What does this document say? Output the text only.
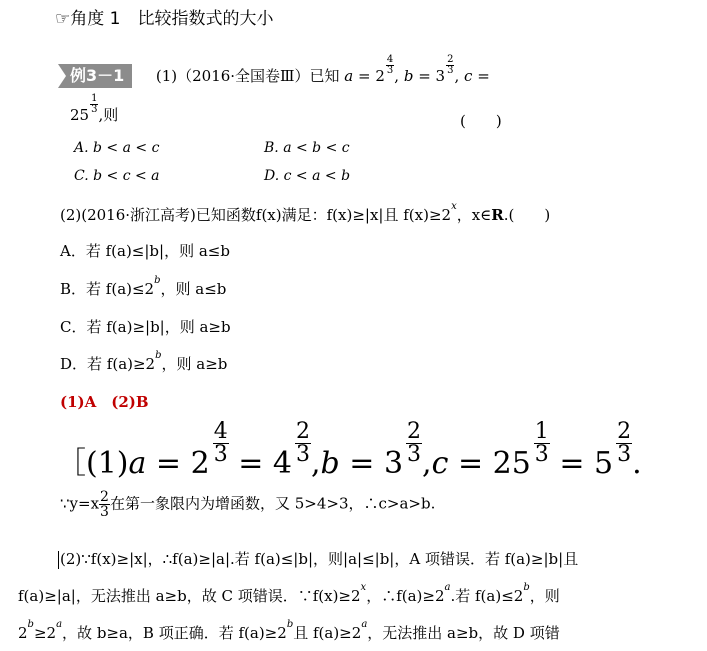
☞角度 1　比较指数式的大小
例3－1 (1)（2016·全国卷Ⅲ）已知 a = 2
$\frac{4}{3}$
, b = 3
$\frac{2}{3}$
, c =
25
$\frac{1}{3}$
,则	(　　)
A. b < a < c	B. a < b < c
C. b < c < a	D. c < a < b
(2)(2016·浙江高考)已知函数f(x)满足：f(x)≥|x|且 $f(x)\ge 2^x$，x∈R.(　　)
A．若 f(a)≤|b|，则 a≤b
B．若 $f(a)\le 2^b$，则 a≤b
C．若 f(a)≥|b|，则 a≥b
D．若 $f(a)\ge 2^b$，则 a≥b
(1)A　(2)B
［(1)a = $2 \frac{4}{3} = 4 \frac{2}{3} ,b = 3 \frac{2}{3} ,c = 25 \frac{1}{3} = 5 \frac{2}{3}$ .
∵y=x $\frac{2}{3}$ 在第一象限内为增函数，又 5>4>3，∴c>a>b.
(2)∵f(x)≥|x|，∴f(a)≥|a|.若 f(a)≤|b|，则|a|≤|b|，A 项错误．若 f(a)≥|b|且
f(a)≥|a|，无法推出 a≥b，故 C 项错误．$\because f(x)\ge 2^x$，$\therefore f(a)\ge 2^a$.若 $f(a)\le 2^b$，则
$2^b\ge 2^a$，故 b≥a，B 项正确．若 $f(a)\ge 2^b$且 $f(a)\ge 2^a$，无法推出 a≥b，故 D 项错
